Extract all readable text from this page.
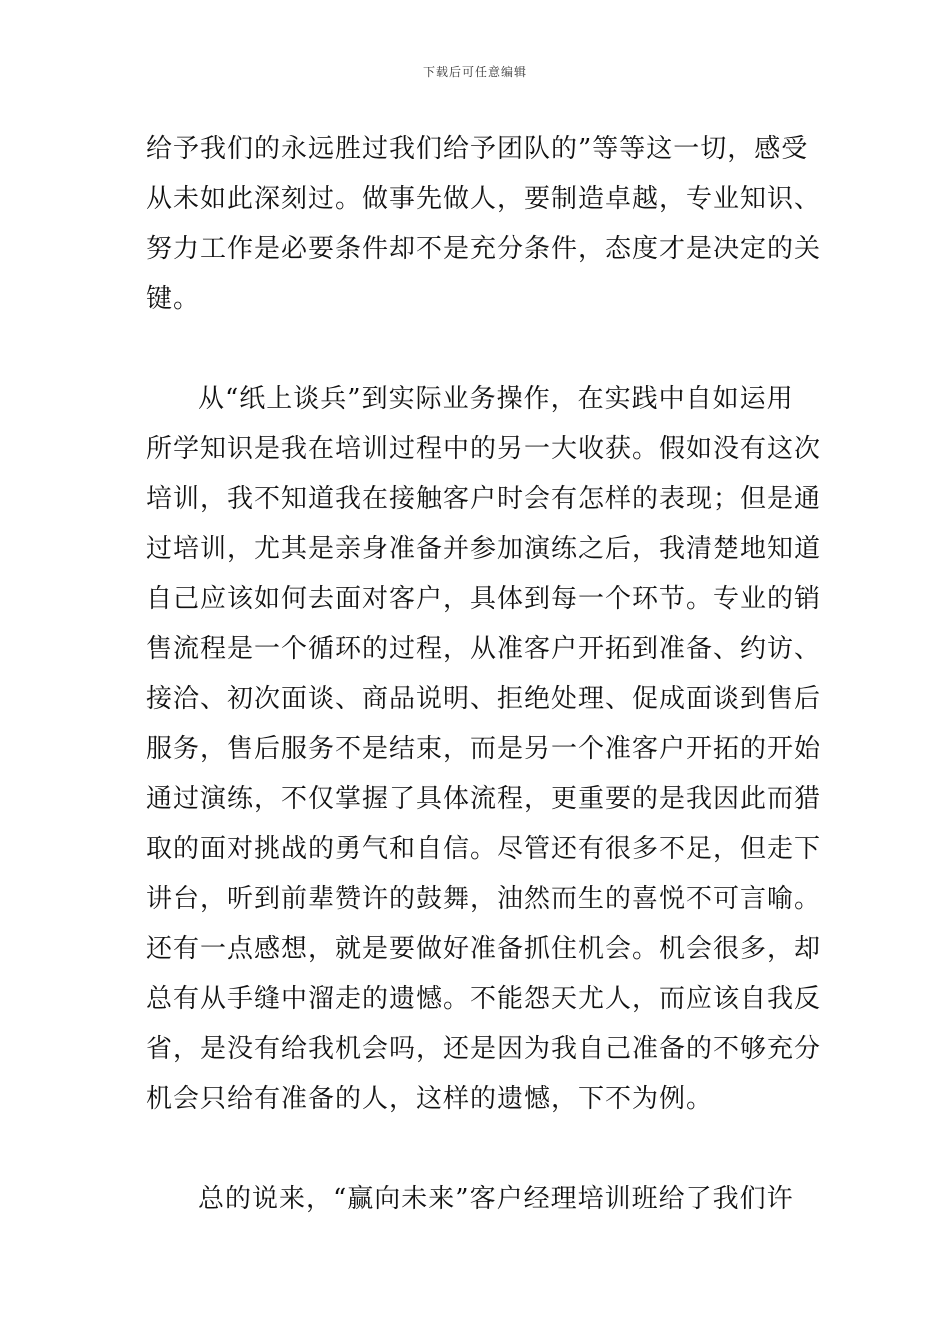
下载后可任意编辑
给予我们的永远胜过我们给予团队的”等等这一切，感受
从未如此深刻过。做事先做人，要制造卓越，专业知识、
努力工作是必要条件却不是充分条件，态度才是决定的关
键。
从“纸上谈兵”到实际业务操作，在实践中自如运用
所学知识是我在培训过程中的另一大收获。假如没有这次
培训，我不知道我在接触客户时会有怎样的表现；但是通
过培训，尤其是亲身准备并参加演练之后，我清楚地知道
自己应该如何去面对客户，具体到每一个环节。专业的销
售流程是一个循环的过程，从准客户开拓到准备、约访、
接洽、初次面谈、商品说明、拒绝处理、促成面谈到售后
服务，售后服务不是结束，而是另一个准客户开拓的开始
通过演练，不仅掌握了具体流程，更重要的是我因此而猎
取的面对挑战的勇气和自信。尽管还有很多不足，但走下
讲台，听到前辈赞许的鼓舞，油然而生的喜悦不可言喻。
还有一点感想，就是要做好准备抓住机会。机会很多，却
总有从手缝中溜走的遗憾。不能怨天尤人，而应该自我反
省，是没有给我机会吗，还是因为我自己准备的不够充分
机会只给有准备的人，这样的遗憾，下不为例。
总的说来，“赢向未来”客户经理培训班给了我们许
